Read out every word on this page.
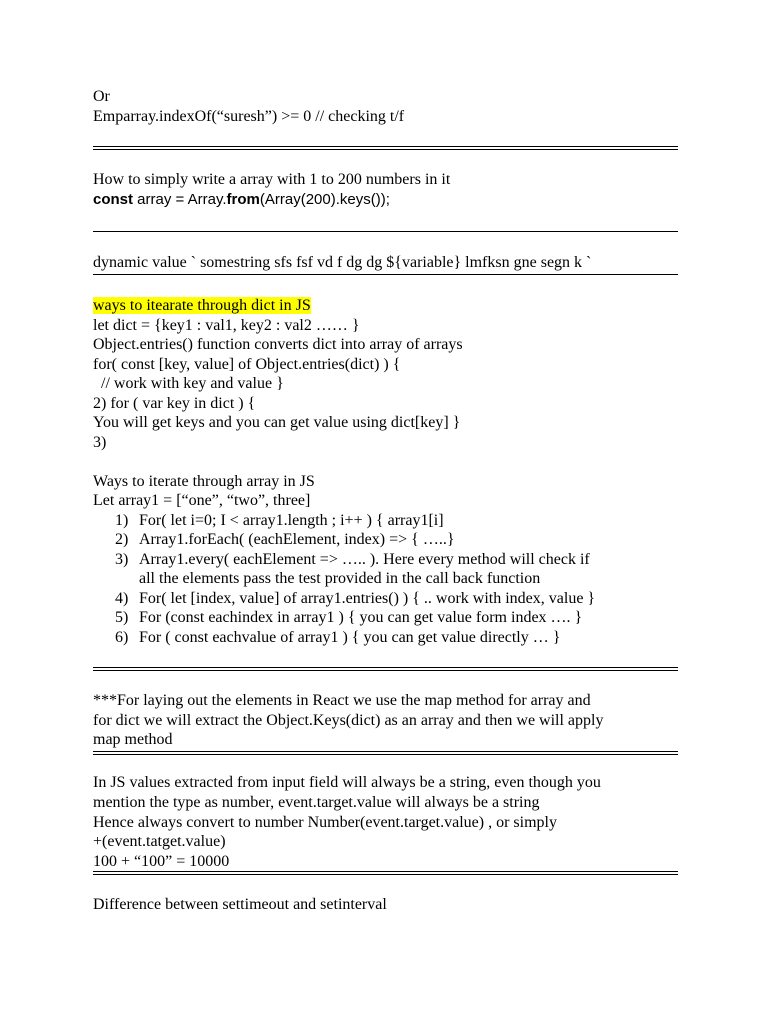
Or
Emparray.indexOf(“suresh”) >= 0 // checking t/f
How to simply write a array with 1 to 200 numbers in it
const array = Array.from(Array(200).keys());
dynamic value ` somestring sfs fsf vd f dg dg ${variable} lmfksn gne segn k `
ways to itearate through dict in JS
let dict = {key1 : val1, key2 : val2 …… }
Object.entries() function converts dict into array of arrays
for( const [key, value] of Object.entries(dict) ) {
// work with key and value }
2) for ( var key in dict ) {
You will get keys and you can get value using dict[key] }
3)
Ways to iterate through array in JS
Let array1 = [“one”, “two”, three]
1) For( let i=0; I < array1.length ; i++ ) { array1[i]
2) Array1.forEach( (eachElement, index) => { …..}
3) Array1.every( eachElement => ….. ). Here every method will check if
all the elements pass the test provided in the call back function
4) For( let [index, value] of array1.entries() ) { .. work with index, value }
5) For (const eachindex in array1 ) { you can get value form index …. }
6) For ( const eachvalue of array1 ) { you can get value directly … }
***For laying out the elements in React we use the map method for array and
for dict we will extract the Object.Keys(dict) as an array and then we will apply
map method
In JS values extracted from input field will always be a string, even though you
mention the type as number, event.target.value will always be a string
Hence always convert to number Number(event.target.value) , or simply
+(event.tatget.value)
100 + “100” = 10000
Difference between settimeout and setinterval
